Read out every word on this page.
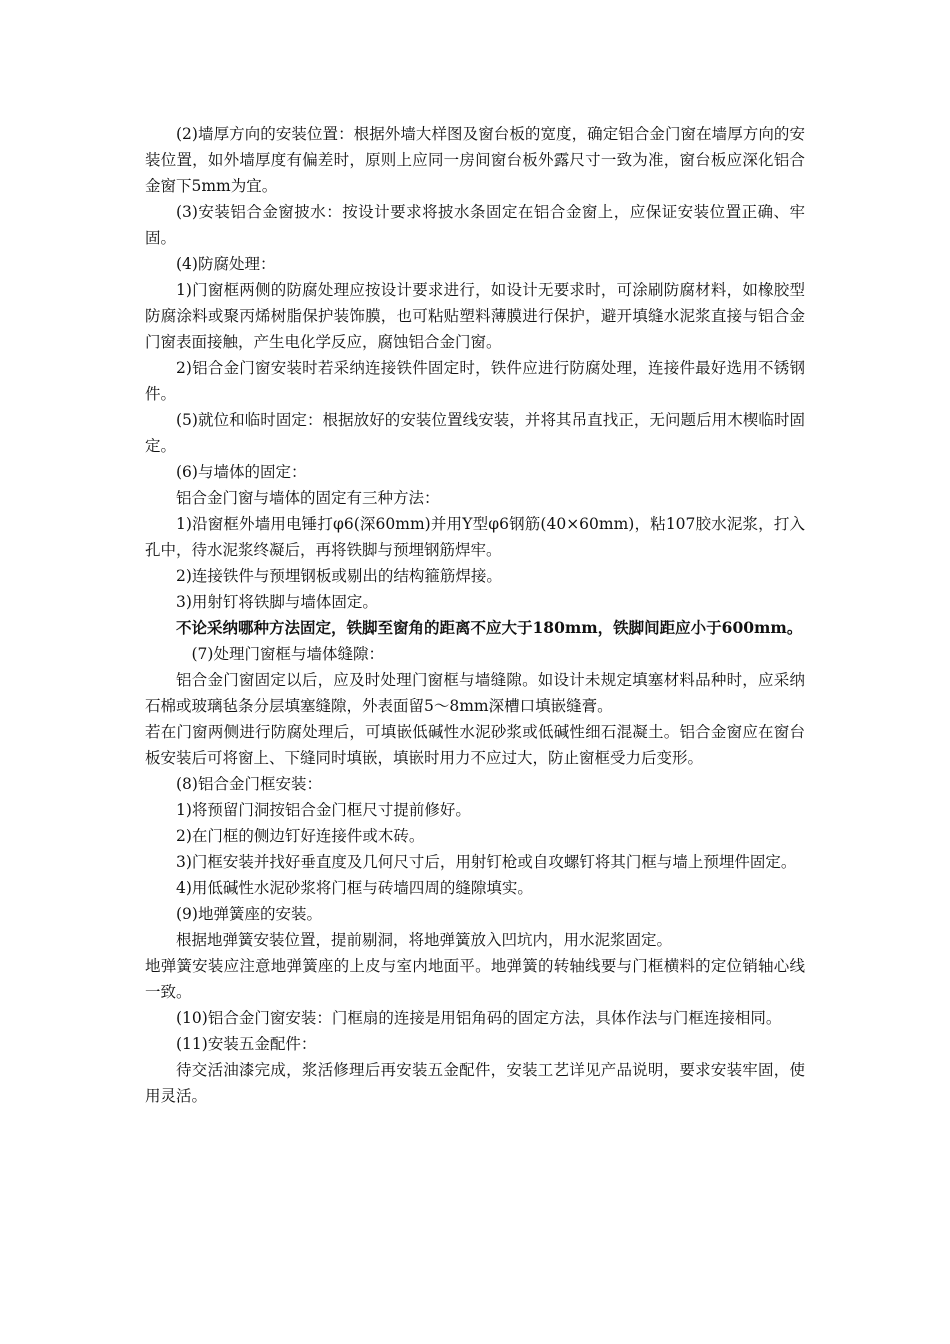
(2)墙厚方向的安装位置：根据外墙大样图及窗台板的宽度，确定铝合金门窗在墙厚方向的安装位置，如外墙厚度有偏差时，原则上应同一房间窗台板外露尺寸一致为准，窗台板应深化铝合金窗下5mm为宜。

(3)安装铝合金窗披水：按设计要求将披水条固定在铝合金窗上，应保证安装位置正确、牢固。

(4)防腐处理：

1)门窗框两侧的防腐处理应按设计要求进行，如设计无要求时，可涂刷防腐材料，如橡胶型防腐涂料或聚丙烯树脂保护装饰膜，也可粘贴塑料薄膜进行保护，避开填缝水泥浆直接与铝合金门窗表面接触，产生电化学反应，腐蚀铝合金门窗。

2)铝合金门窗安装时若采纳连接铁件固定时，铁件应进行防腐处理，连接件最好选用不锈钢件。

(5)就位和临时固定：根据放好的安装位置线安装，并将其吊直找正，无问题后用木楔临时固定。

(6)与墙体的固定：

铝合金门窗与墙体的固定有三种方法：

1)沿窗框外墙用电锤打φ6(深60mm)并用Y型φ6钢筋(40×60mm)，粘107胶水泥浆，打入孔中，待水泥浆终凝后，再将铁脚与预埋钢筋焊牢。

2)连接铁件与预埋钢板或剔出的结构箍筋焊接。

3)用射钉将铁脚与墙体固定。

不论采纳哪种方法固定，铁脚至窗角的距离不应大于180mm，铁脚间距应小于600mm。

(7)处理门窗框与墙体缝隙：

铝合金门窗固定以后，应及时处理门窗框与墙缝隙。如设计未规定填塞材料品种时，应采纳石棉或玻璃毡条分层填塞缝隙，外表面留5～8mm深槽口填嵌缝膏。

若在门窗两侧进行防腐处理后，可填嵌低碱性水泥砂浆或低碱性细石混凝土。铝合金窗应在窗台板安装后可将窗上、下缝同时填嵌，填嵌时用力不应过大，防止窗框受力后变形。

(8)铝合金门框安装：

1)将预留门洞按铝合金门框尺寸提前修好。

2)在门框的侧边钉好连接件或木砖。

3)门框安装并找好垂直度及几何尺寸后，用射钉枪或自攻螺钉将其门框与墙上预埋件固定。

4)用低碱性水泥砂浆将门框与砖墙四周的缝隙填实。

(9)地弹簧座的安装。

根据地弹簧安装位置，提前剔洞，将地弹簧放入凹坑内，用水泥浆固定。

地弹簧安装应注意地弹簧座的上皮与室内地面平。地弹簧的转轴线要与门框横料的定位销轴心线一致。

(10)铝合金门窗安装：门框扇的连接是用铝角码的固定方法，具体作法与门框连接相同。

(11)安装五金配件：

待交活油漆完成，浆活修理后再安装五金配件，安装工艺详见产品说明，要求安装牢固，使用灵活。
